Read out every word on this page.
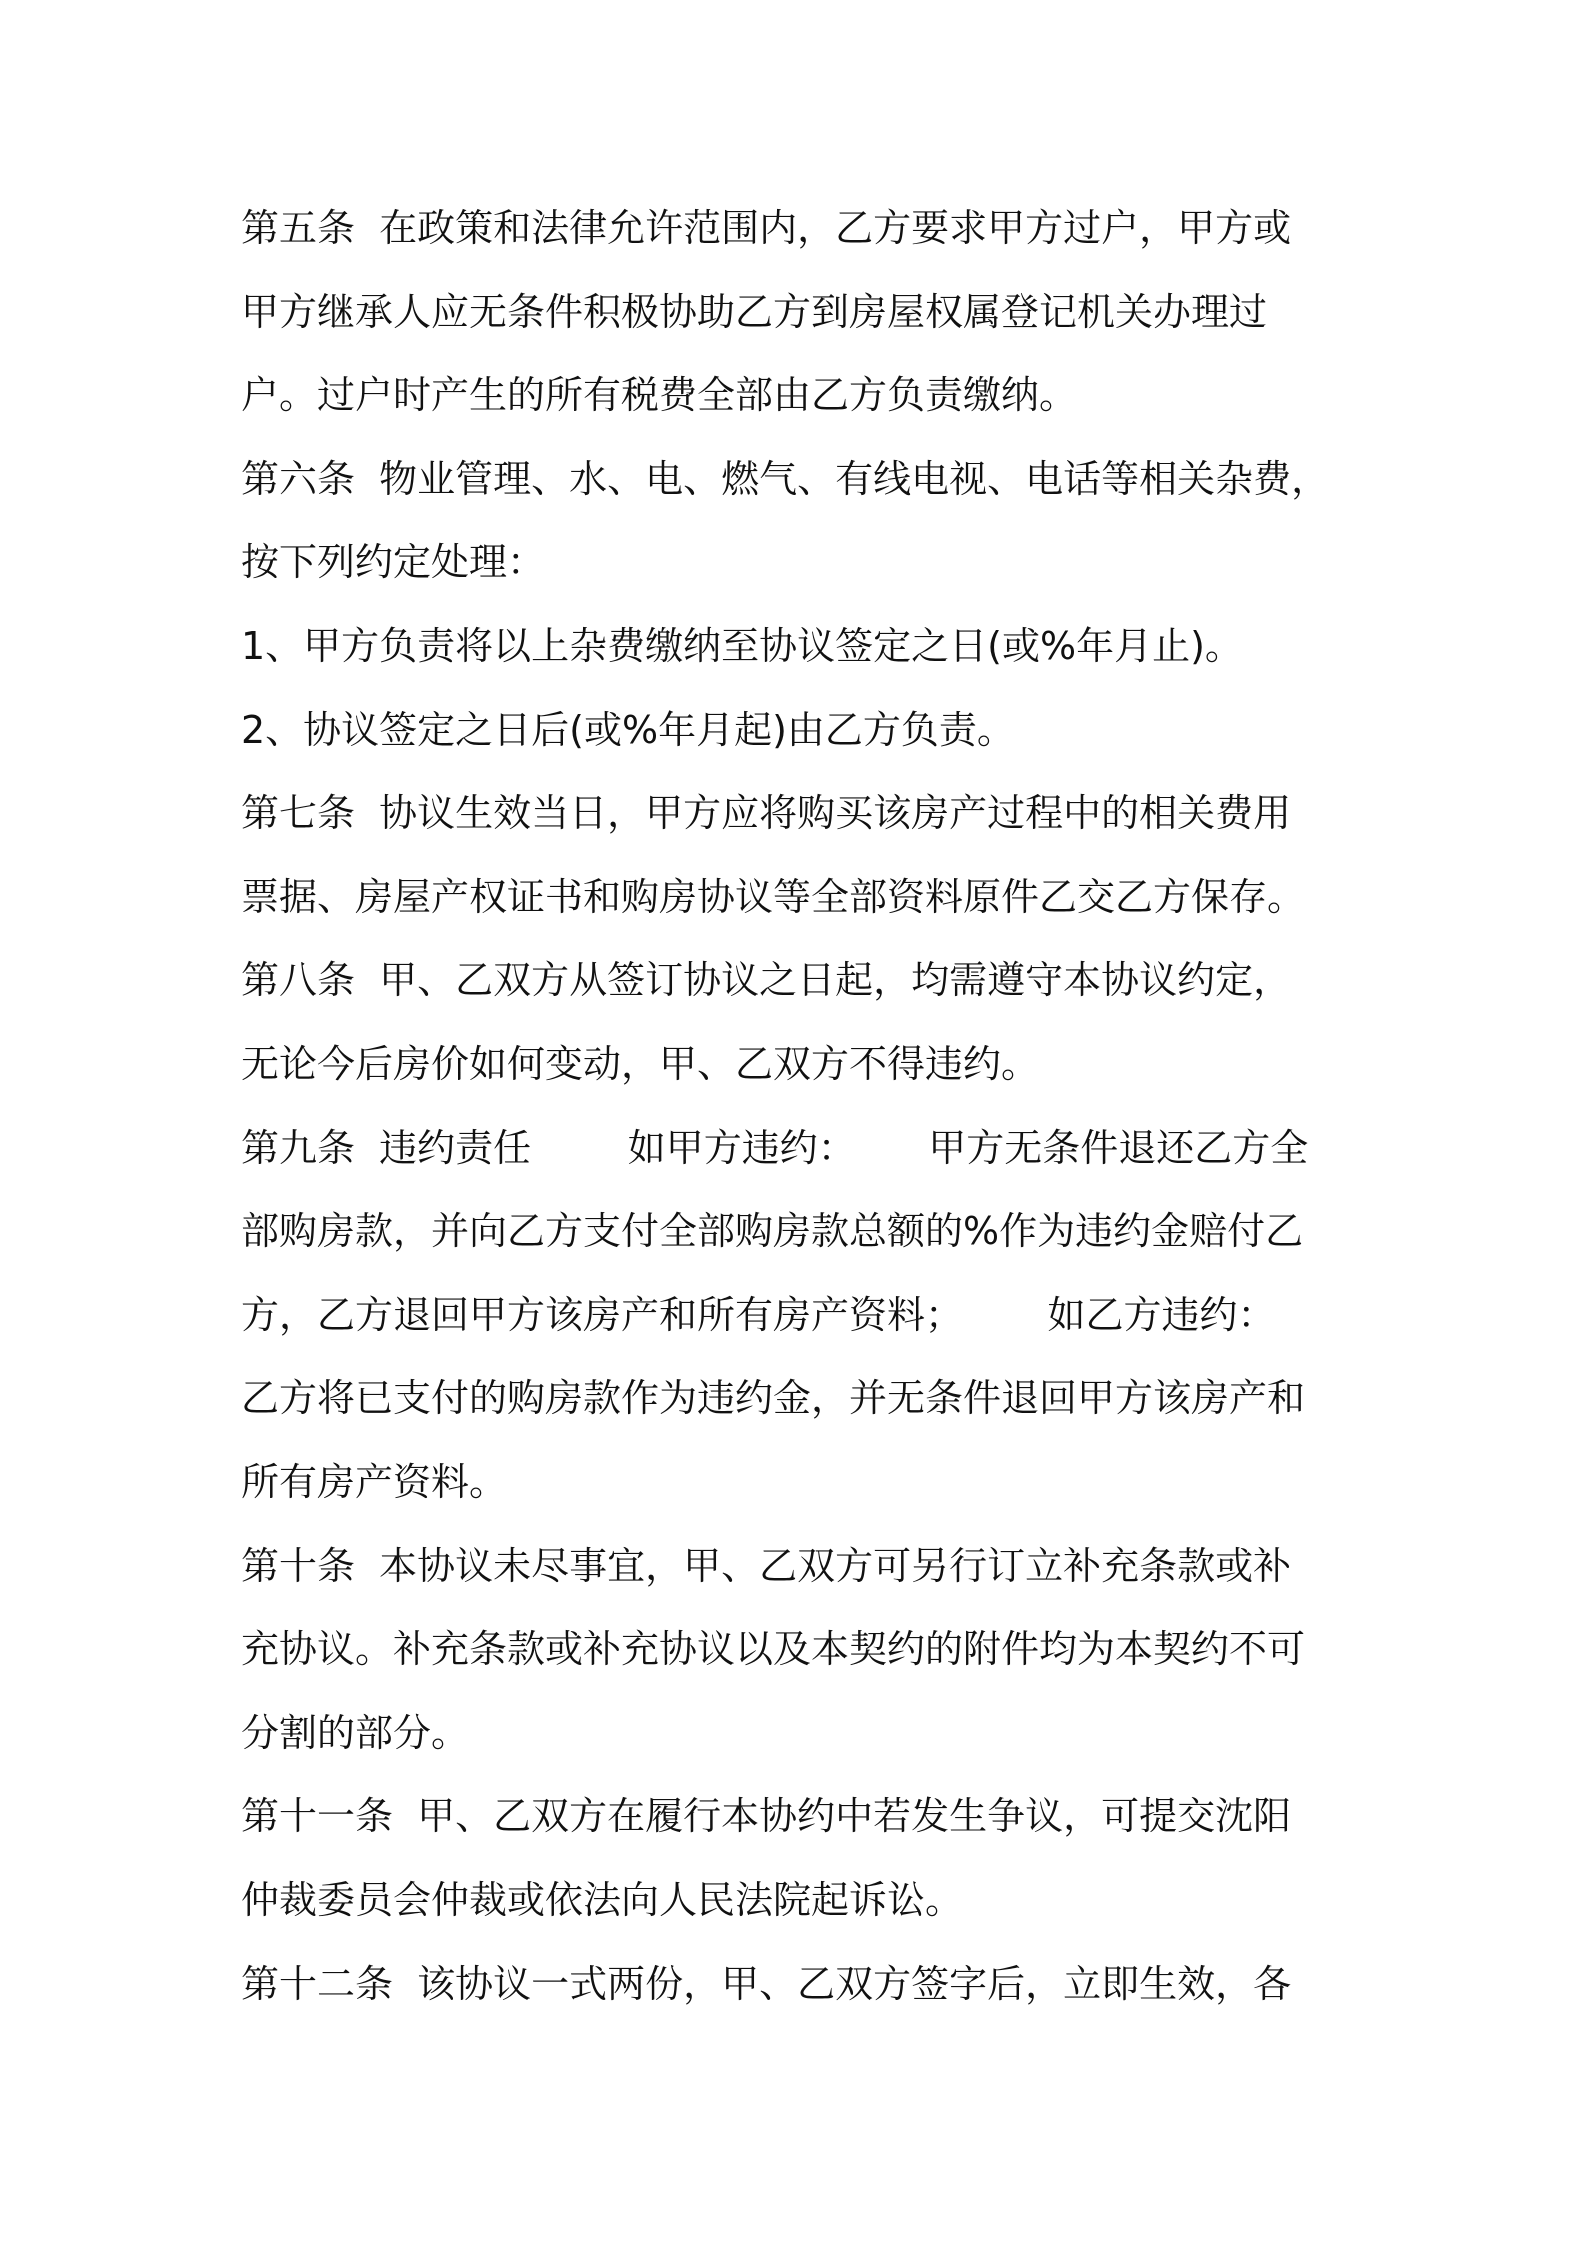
第五条  在政策和法律允许范围内，乙方要求甲方过户，甲方或
甲方继承人应无条件积极协助乙方到房屋权属登记机关办理过
户。过户时产生的所有税费全部由乙方负责缴纳。
第六条  物业管理、水、电、燃气、有线电视、电话等相关杂费，
按下列约定处理：
1、甲方负责将以上杂费缴纳至协议签定之日(或%年月止)。
2、协议签定之日后(或%年月起)由乙方负责。
第七条  协议生效当日，甲方应将购买该房产过程中的相关费用
票据、房屋产权证书和购房协议等全部资料原件乙交乙方保存。
第八条  甲、乙双方从签订协议之日起，均需遵守本协议约定，
无论今后房价如何变动，甲、乙双方不得违约。
第九条  违约责任        如甲方违约：      甲方无条件退还乙方全
部购房款，并向乙方支付全部购房款总额的%作为违约金赔付乙
方，乙方退回甲方该房产和所有房产资料；       如乙方违约：
乙方将已支付的购房款作为违约金，并无条件退回甲方该房产和
所有房产资料。
第十条  本协议未尽事宜，甲、乙双方可另行订立补充条款或补
充协议。补充条款或补充协议以及本契约的附件均为本契约不可
分割的部分。
第十一条  甲、乙双方在履行本协约中若发生争议，可提交沈阳
仲裁委员会仲裁或依法向人民法院起诉讼。
第十二条  该协议一式两份，甲、乙双方签字后，立即生效，各
